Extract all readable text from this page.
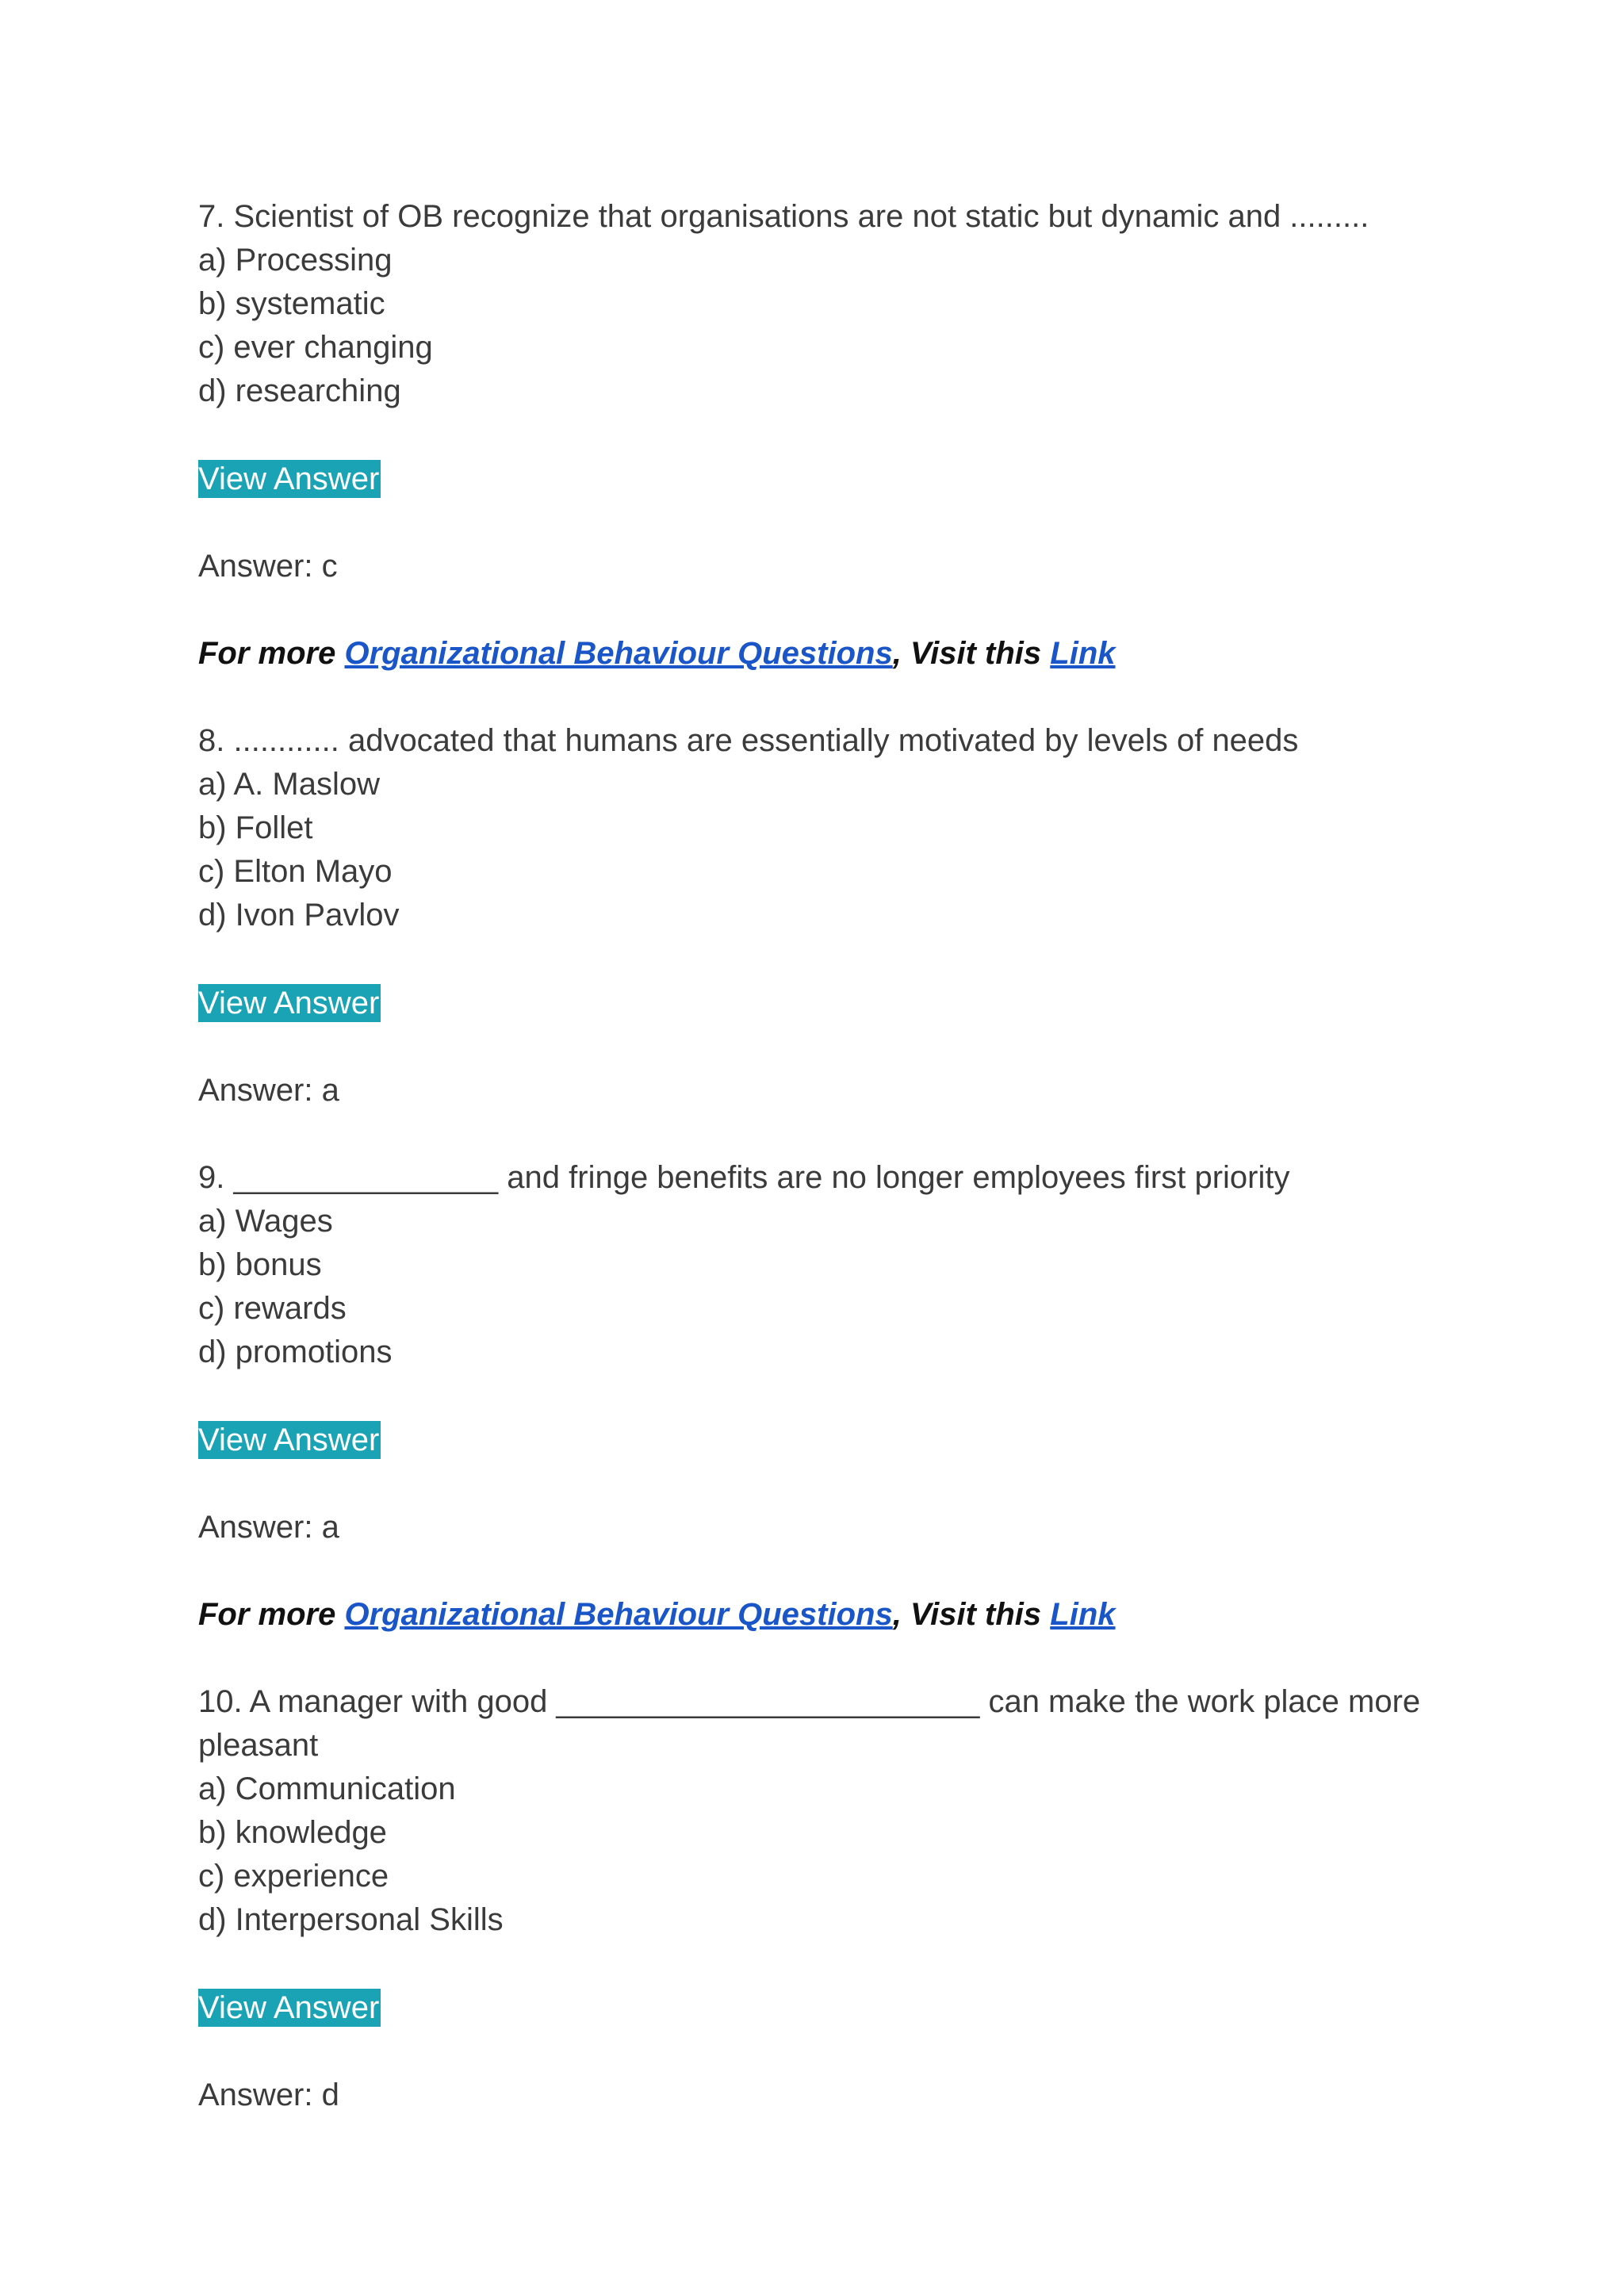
7. Scientist of OB recognize that organisations are not static but dynamic and .........
a) Processing
b) systematic
c) ever changing
d) researching
View Answer
Answer: c
For more Organizational Behaviour Questions, Visit this Link
8. ............ advocated that humans are essentially motivated by levels of needs
a) A. Maslow
b) Follet
c) Elton Mayo
d) Ivon Pavlov
View Answer
Answer: a
9. _______________ and fringe benefits are no longer employees first priority
a) Wages
b) bonus
c) rewards
d) promotions
View Answer
Answer: a
For more Organizational Behaviour Questions, Visit this Link
10. A manager with good ________________________ can make the work place more pleasant
a) Communication
b) knowledge
c) experience
d) Interpersonal Skills
View Answer
Answer: d
